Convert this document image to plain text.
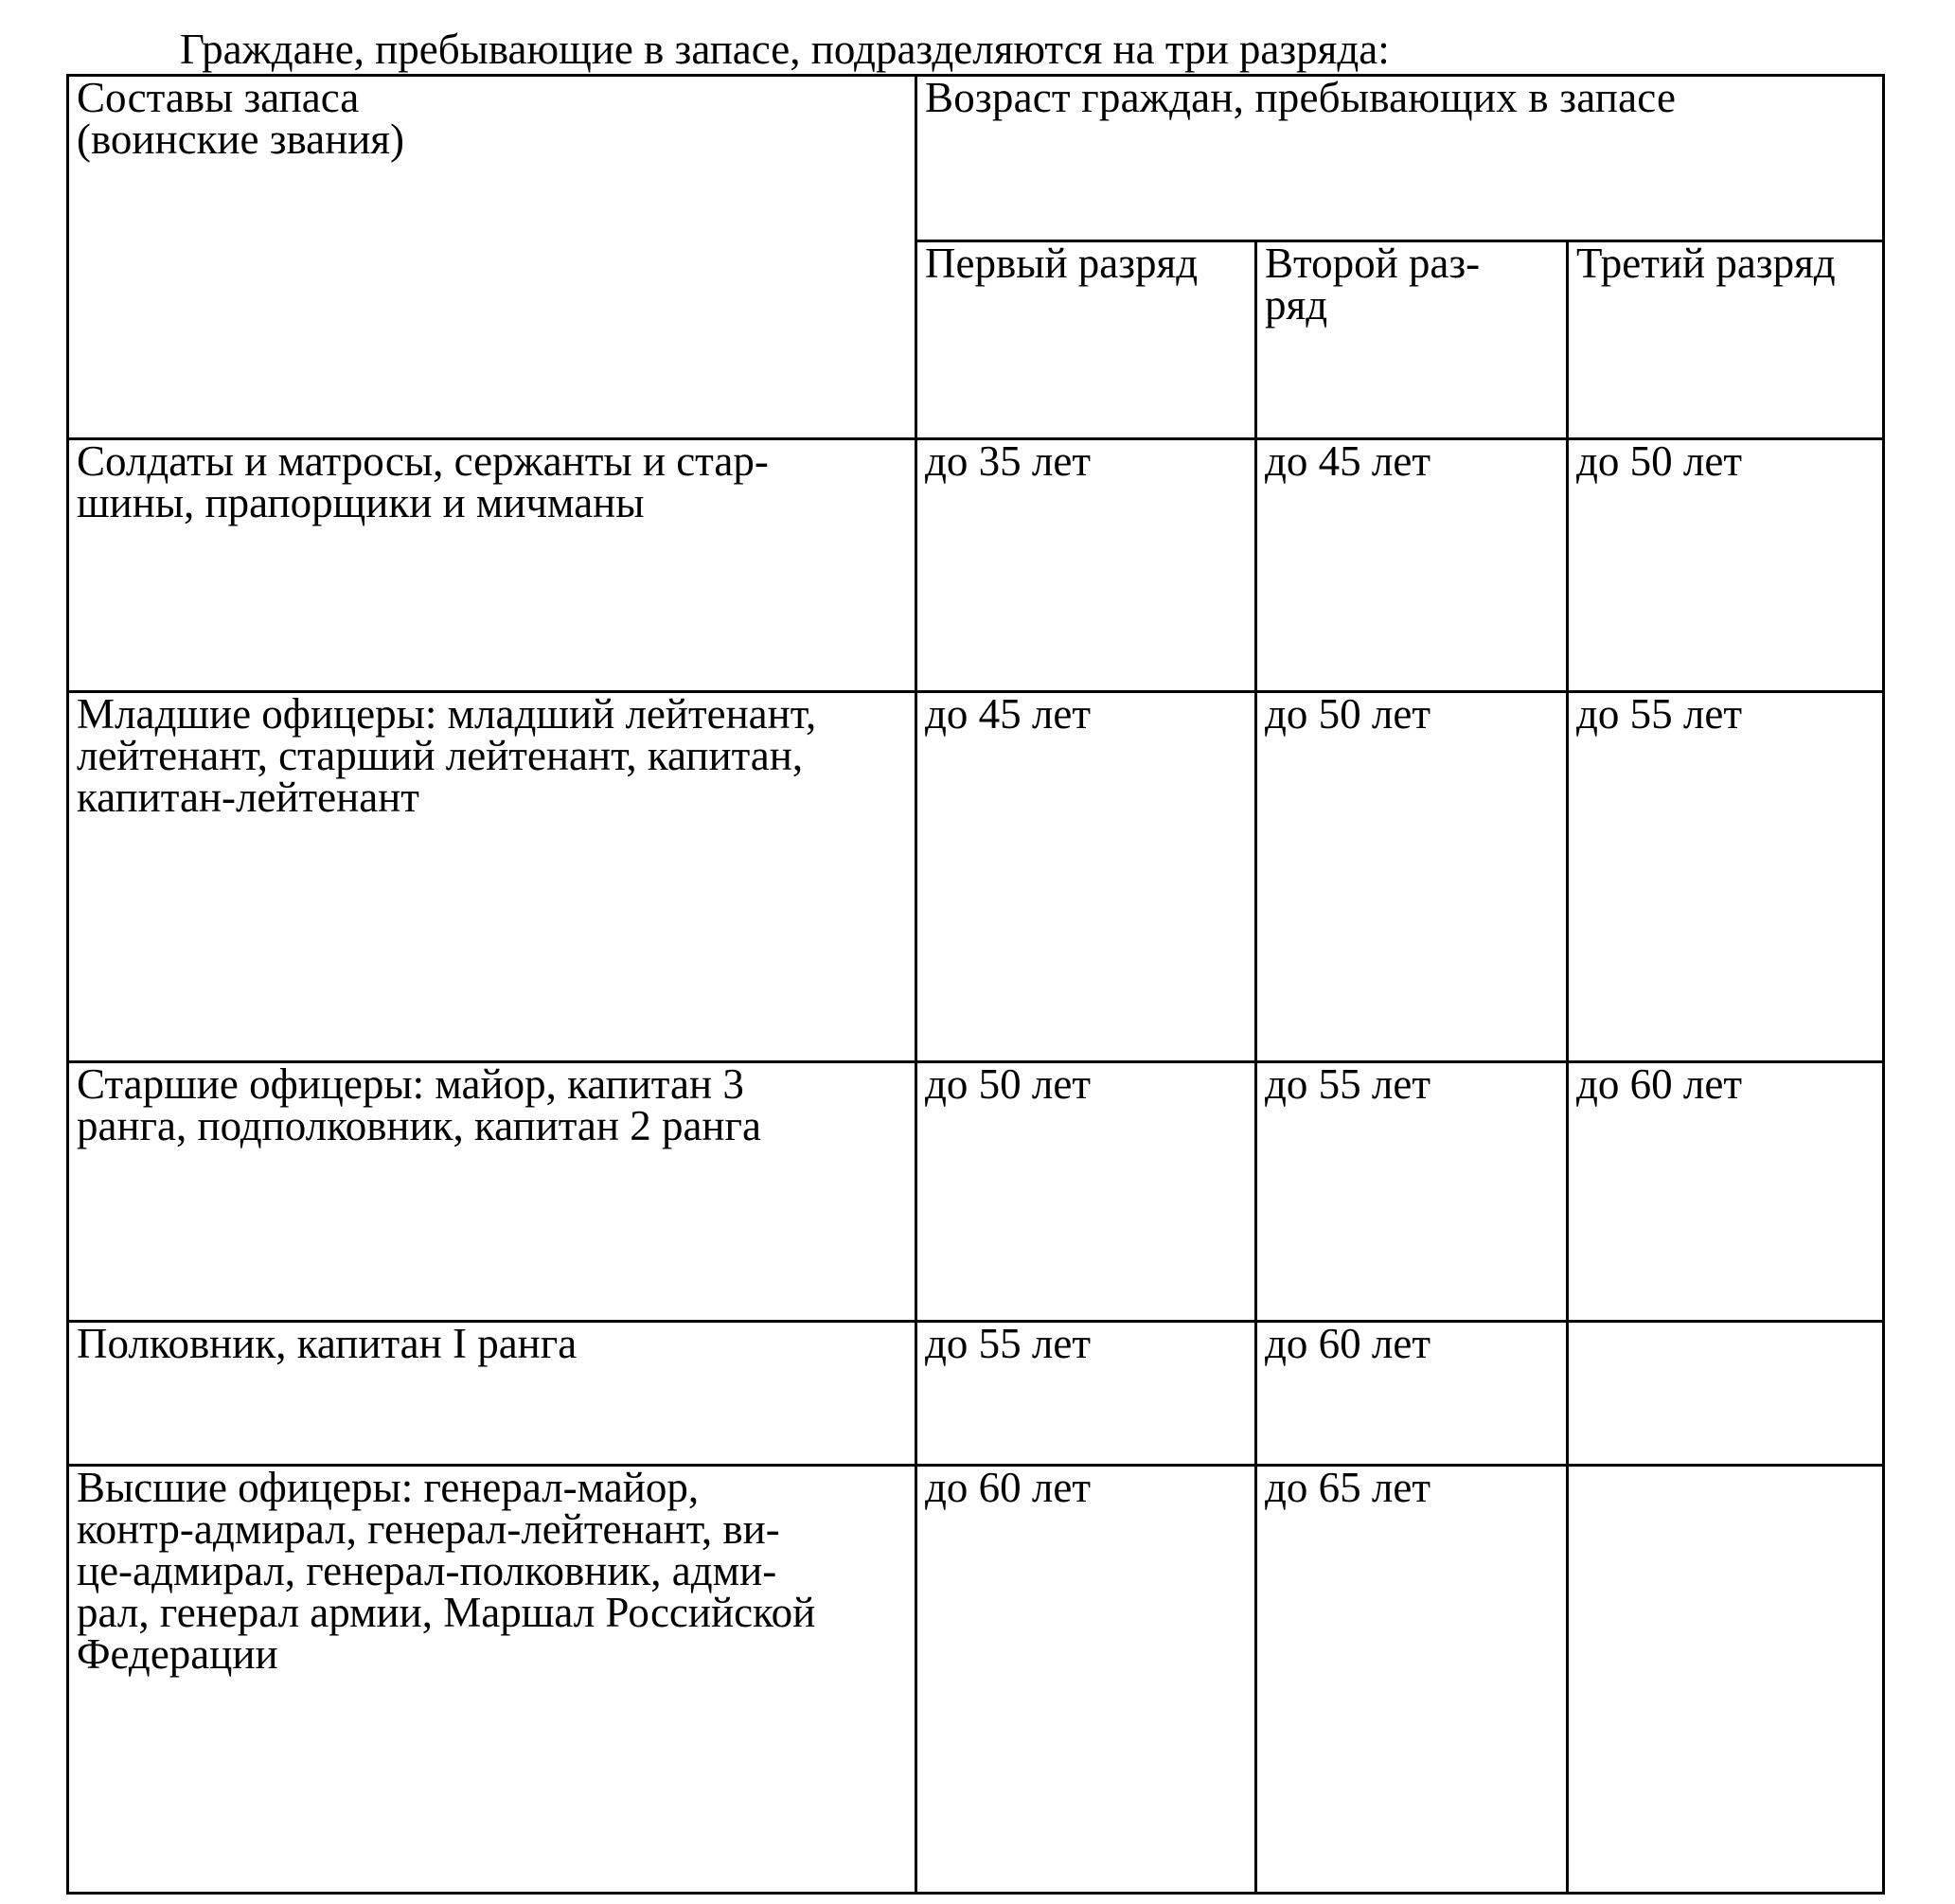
Граждане, пребывающие в запасе, подразделяются на три разряда:
Составы запаса
(воинские звания)	Возраст граждан, пребывающих в запасе		

	Первый разряд	Второй раз-
ряд	Третий разряд

Солдаты и матросы, сержанты и стар-
шины, прапорщики и мичманы	до 35 лет	до 45 лет	до 50 лет

Младшие офицеры: младший лейтенант,
лейтенант, старший лейтенант, капитан,
капитан-лейтенант	до 45 лет	до 50 лет	до 55 лет

Старшие офицеры: майор, капитан 3
ранга, подполковник, капитан 2 ранга	до 50 лет	до 55 лет	до 60 лет

Полковник, капитан I ранга	до 55 лет	до 60 лет	

Высшие офицеры: генерал-майор,
контр-адмирал, генерал-лейтенант, ви-
це-адмирал, генерал-полковник, адми-
рал, генерал армии, Маршал Российской
Федерации	до 60 лет	до 65 лет	
